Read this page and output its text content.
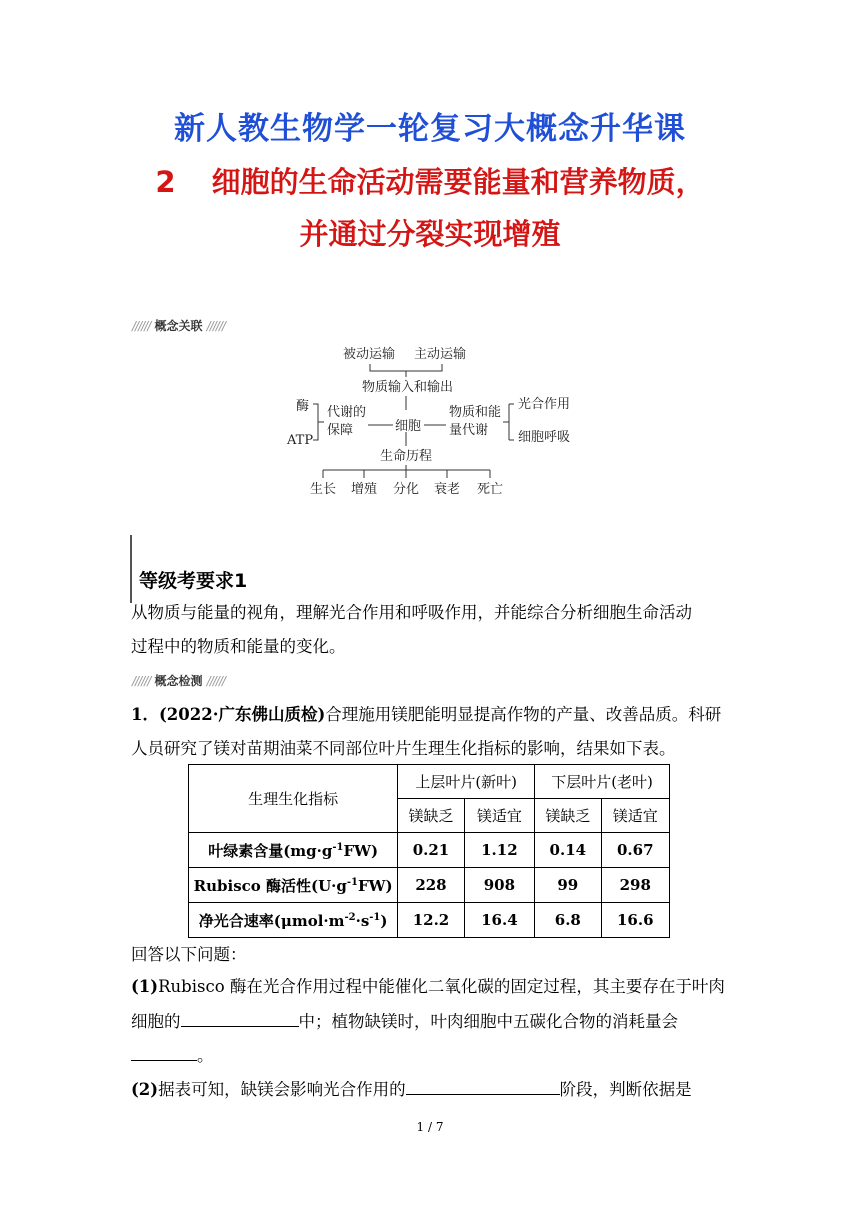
新人教生物学一轮复习大概念升华课
2 细胞的生命活动需要能量和营养物质，
并通过分裂实现增殖
////// 概念关联 //////
被动运输 主动运输
物质输入和输出
酶
ATP
代谢的
保障	细胞
物质和能
量代谢
光合作用
细胞呼吸
生命历程
生长 增殖 分化 衰老 死亡
等级考要求1
从物质与能量的视角，理解光合作用和呼吸作用，并能综合分析细胞生命活动
过程中的物质和能量的变化。
////// 概念检测 //////
1．(2022·广东佛山质检)合理施用镁肥能明显提高作物的产量、改善品质。科研
人员研究了镁对苗期油菜不同部位叶片生理生化指标的影响，结果如下表。
生理生化指标	上层叶片(新叶)		下层叶片(老叶)	
	镁缺乏	镁适宜	镁缺乏	镁适宜
叶绿素含量$(mg\cdot g^{-1}FW)$	0.21	1.12	0.14	0.67
Rubisco 酶活性$(U\cdot g^{-1}FW)$	228	908	99	298
净光合速率$(\mu mol\cdot m^{-2}\cdot s^{-1})$	12.2	16.4	6.8	16.6
回答以下问题：
(1)Rubisco 酶在光合作用过程中能催化二氧化碳的固定过程，其主要存在于叶肉
细胞的	中；植物缺镁时，叶肉细胞中五碳化合物的消耗量会
。
(2)据表可知，缺镁会影响光合作用的	阶段，判断依据是
1 / 7
